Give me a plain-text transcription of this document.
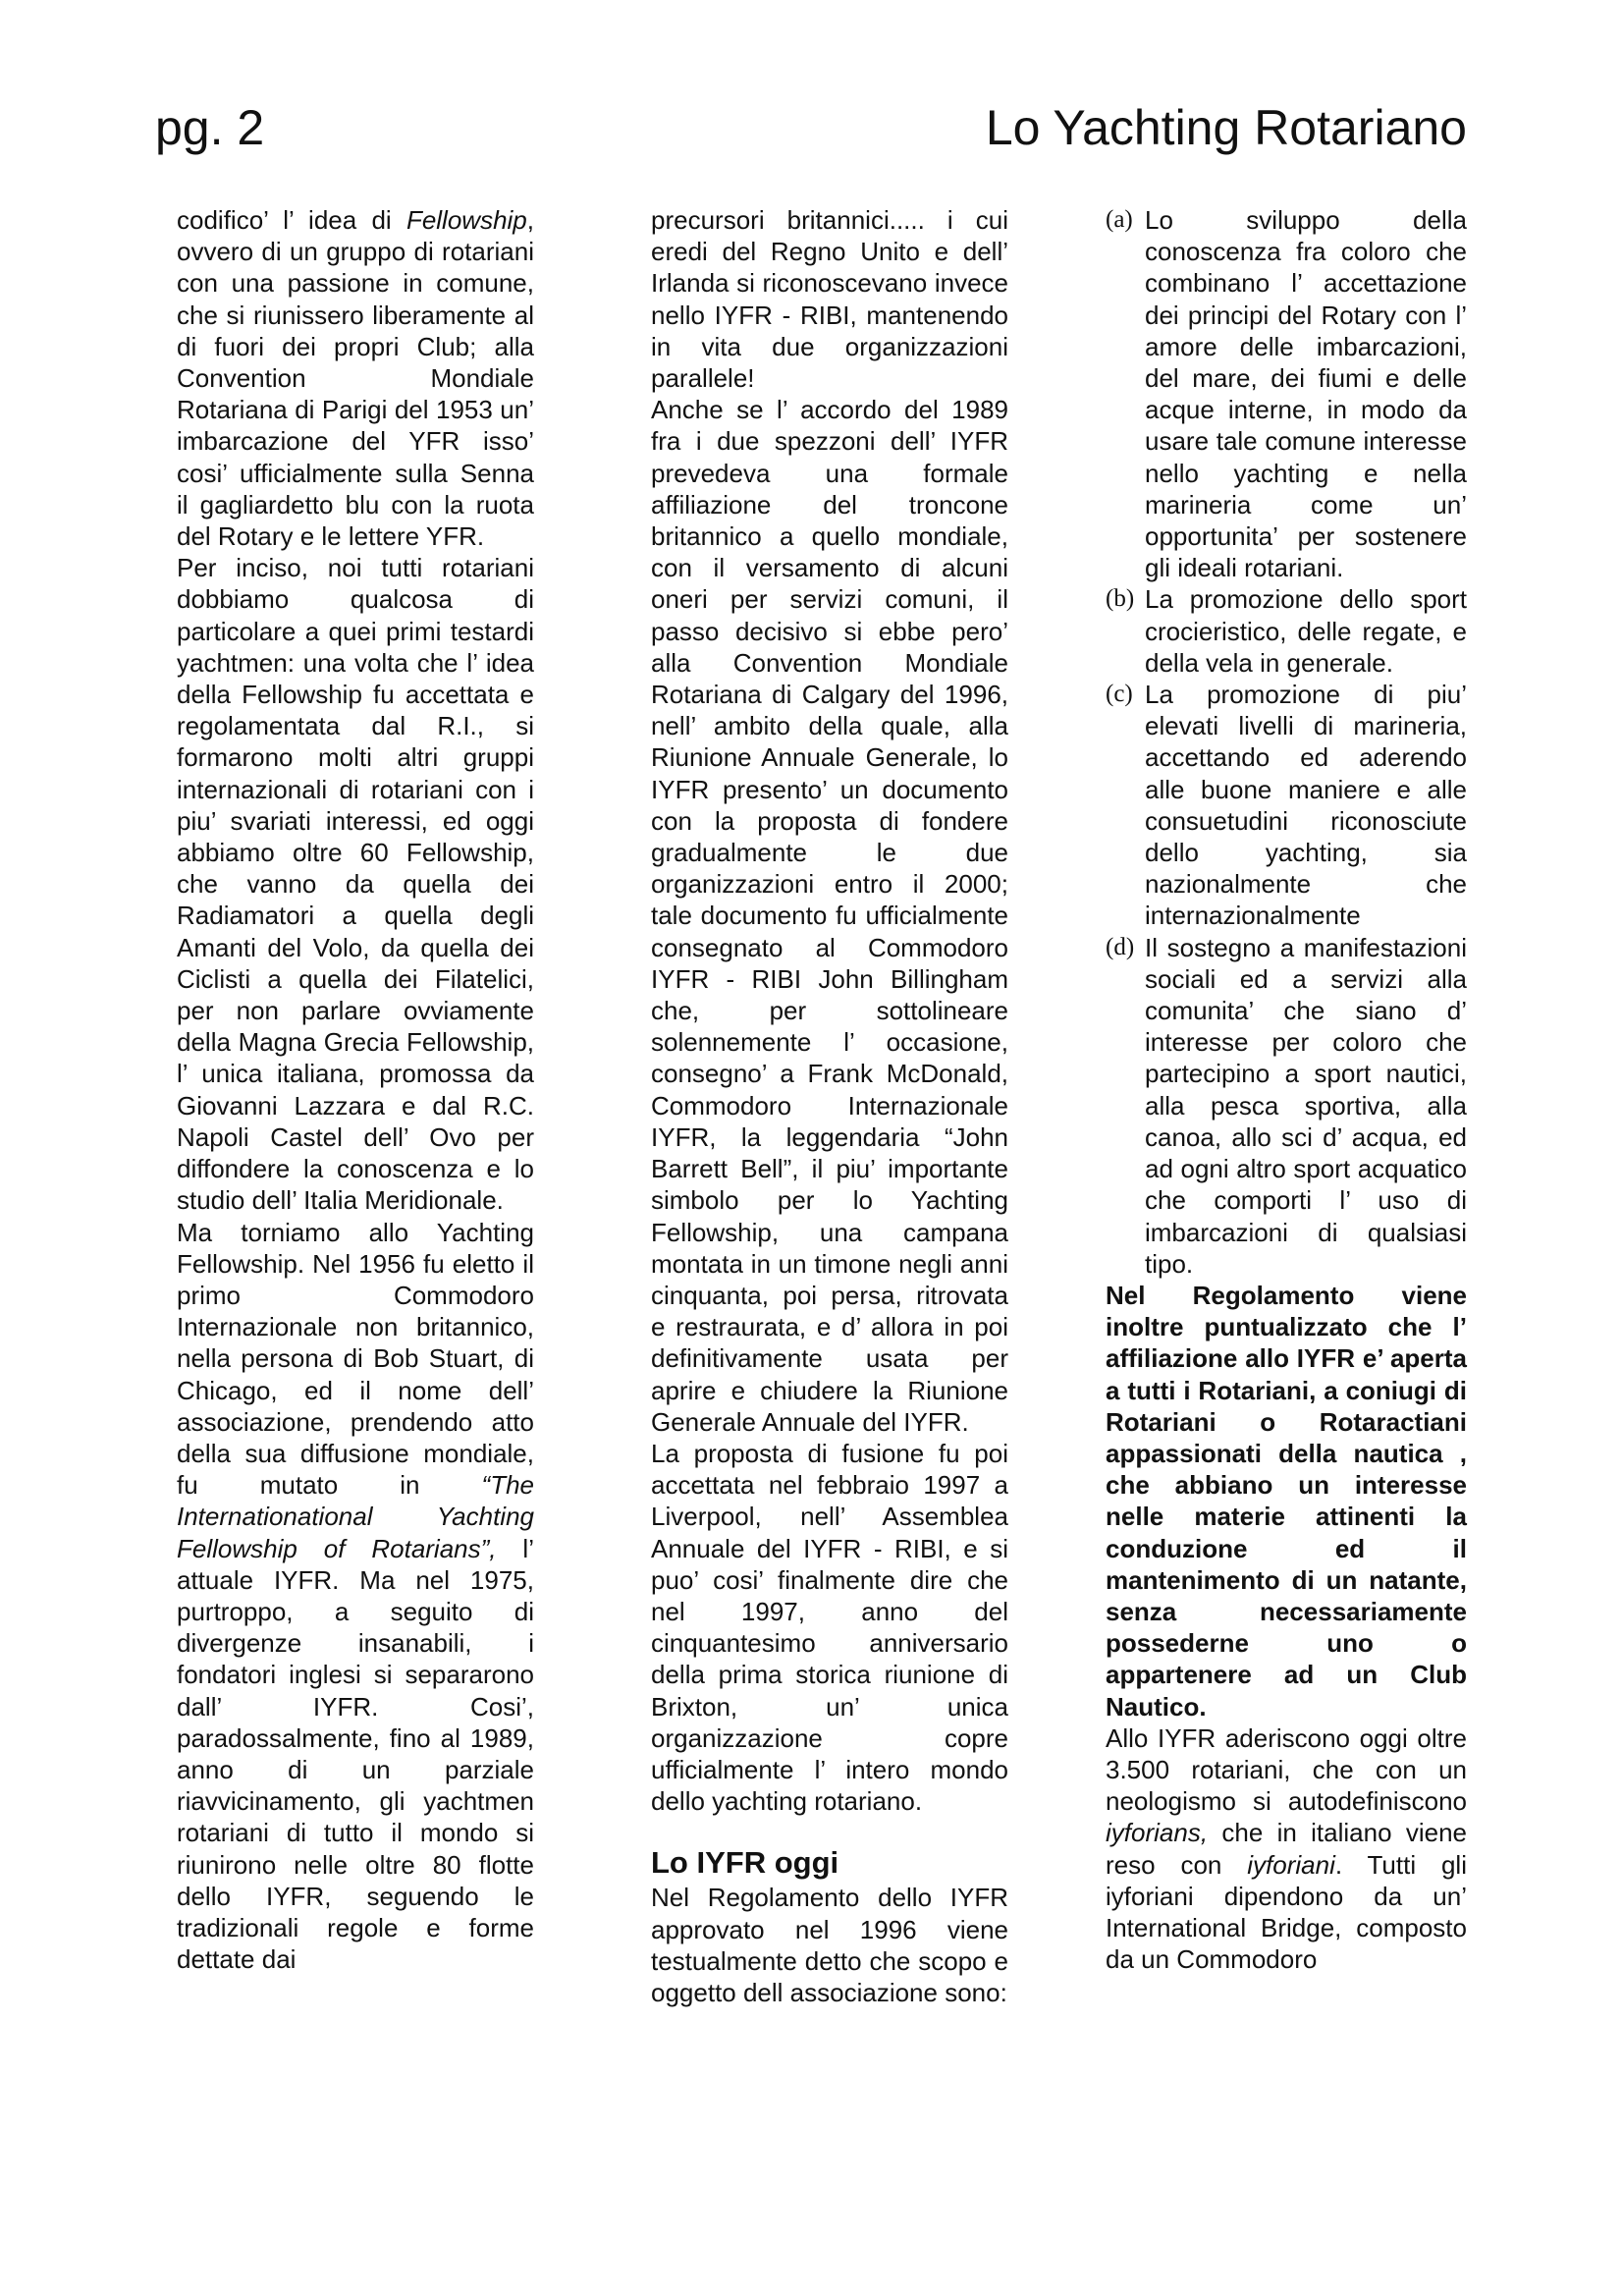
pg. 2	Lo Yachting Rotariano

codifico’ l’ idea di Fellowship, ovvero di un gruppo di rotariani con una passione in comune, che si riunissero liberamente al di fuori dei propri Club; alla Convention Mondiale Rotariana di Parigi del 1953 un’ imbarcazione del YFR isso’ cosi’ ufficialmente sulla Senna il gagliardetto blu con la ruota del Rotary e le lettere YFR.

Per inciso, noi tutti rotariani dobbiamo qualcosa di particolare a quei primi testardi yachtmen: una volta che l’ idea della Fellowship fu accettata e regolamentata dal R.I., si formarono molti altri gruppi internazionali di rotariani con i piu’ svariati interessi, ed oggi abbiamo oltre 60 Fellowship, che vanno da quella dei Radiamatori a quella degli Amanti del Volo, da quella dei Ciclisti a quella dei Filatelici, per non parlare ovviamente della Magna Grecia Fellowship, l’ unica italiana, promossa da Giovanni Lazzara e dal R.C. Napoli Castel dell’ Ovo per diffondere la conoscenza e lo studio dell’ Italia Meridionale.

Ma torniamo allo Yachting Fellowship. Nel 1956 fu eletto il primo Commodoro Internazionale non britannico, nella persona di Bob Stuart, di Chicago, ed il nome dell’ associazione, prendendo atto della sua diffusione mondiale, fu mutato in “The Internationational Yachting Fellowship of Rotarians”, l’ attuale IYFR. Ma nel 1975, purtroppo, a seguito di divergenze insanabili, i fondatori inglesi si separarono dall’ IYFR. Cosi’, paradossalmente, fino al 1989, anno di un parziale riavvicinamento, gli yachtmen rotariani di tutto il mondo si riunirono nelle oltre 80 flotte dello IYFR, seguendo le tradizionali regole e forme dettate dai

precursori britannici..... i cui eredi del Regno Unito e dell’ Irlanda si riconoscevano invece nello IYFR - RIBI, mantenendo in vita due organizzazioni parallele!

Anche se l’ accordo del 1989 fra i due spezzoni dell’ IYFR prevedeva una formale affiliazione del troncone britannico a quello mondiale, con il versamento di alcuni oneri per servizi comuni, il passo decisivo si ebbe pero’ alla Convention Mondiale Rotariana di Calgary del 1996, nell’ ambito della quale, alla Riunione Annuale Generale, lo IYFR presento’ un documento con la proposta di fondere gradualmente le due organizzazioni entro il 2000; tale documento fu ufficialmente consegnato al Commodoro IYFR - RIBI John Billingham che, per sottolineare solennemente l’ occasione, consegno’ a Frank McDonald, Commodoro Internazionale IYFR, la leggendaria “John Barrett Bell”, il piu’ importante simbolo per lo Yachting Fellowship, una campana montata in un timone negli anni cinquanta, poi persa, ritrovata e restraurata, e d’ allora in poi definitivamente usata per aprire e chiudere la Riunione Generale Annuale del IYFR.

La proposta di fusione fu poi accettata nel febbraio 1997 a Liverpool, nell’ Assemblea Annuale del IYFR - RIBI, e si puo’ cosi’ finalmente dire che nel 1997, anno del cinquantesimo anniversario della prima storica riunione di Brixton, un’ unica organizzazione copre ufficialmente l’ intero mondo dello yachting rotariano.

Lo IYFR oggi

Nel Regolamento dello IYFR approvato nel 1996 viene testualmente detto che scopo e oggetto dell associazione sono:

(a) Lo sviluppo della conoscenza fra coloro che combinano l’ accettazione dei principi del Rotary con l’ amore delle imbarcazioni, del mare, dei fiumi e delle acque interne, in modo da usare tale comune interesse nello yachting e nella marineria come un’ opportunita’ per sostenere gli ideali rotariani.
(b) La promozione dello sport crocieristico, delle regate, e della vela in generale.
(c) La promozione di piu’ elevati livelli di marineria, accettando ed aderendo alle buone maniere e alle consuetudini riconosciute dello yachting, sia nazionalmente che internazionalmente
(d) Il sostegno a manifestazioni sociali ed a servizi alla comunita’ che siano d’ interesse per coloro che partecipino a sport nautici, alla pesca sportiva, alla canoa, allo sci d’ acqua, ed ad ogni altro sport acquatico che comporti l’ uso di imbarcazioni di qualsiasi tipo.

Nel Regolamento viene inoltre puntualizzato che l’ affiliazione allo IYFR e’ aperta a tutti i Rotariani, a coniugi di Rotariani o Rotaractiani appassionati della nautica , che abbiano un interesse nelle materie attinenti la conduzione ed il mantenimento di un natante, senza necessariamente possederne uno o appartenere ad un Club Nautico.

Allo IYFR aderiscono oggi oltre 3.500 rotariani, che con un neologismo si autodefiniscono iyforians, che in italiano viene reso con iyforiani. Tutti gli iyforiani dipendono da un’ International Bridge, composto da un Commodoro
